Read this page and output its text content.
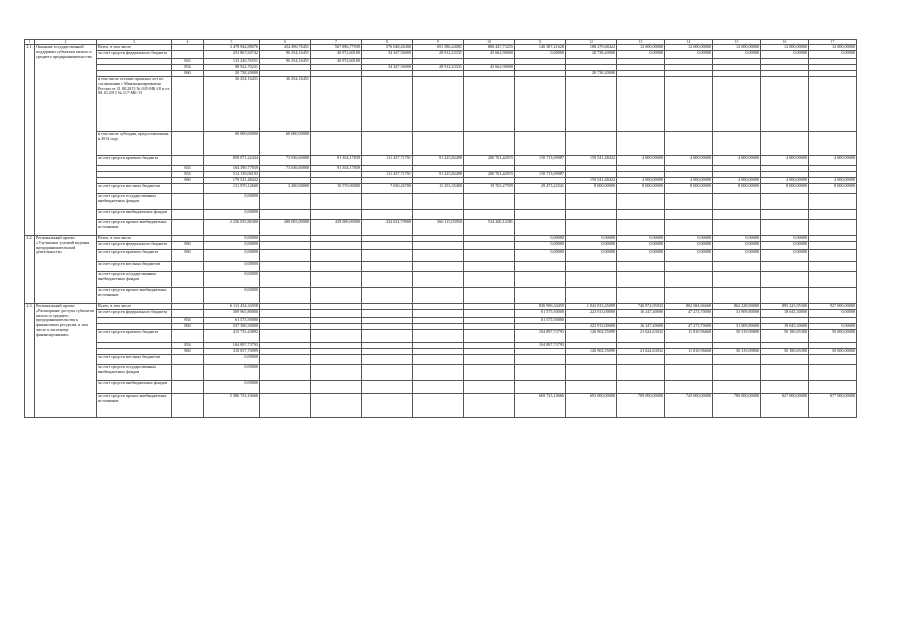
1	2	3	4	5	6	7	8	9	10	11	12	13	14	15	16	17
2.1.	Оказание государственной поддержки субъектам малого и среднего предпринимательства	Всего, в том числе		3 478 944,88076	454 496,76451	567 896,77939	576 048,26300	691 586,44081	800 447,73255	140 387,21628	188 279,68422	12 000,00000	12 000,00000	12 000,00000	12 000,00000	12 000,00000
		за счет средств федерального бюджета		253 867,60742	96 254,16451	36 972,60100	34 347,56900	28 912,23331	45 662,90000	0,00000	20 738,20000	0,00000	0,00000	0,00000	0,00000	0,00000
			843	133 226,76551	96 254,16451	36 972,60100										
			854	98 922,70231			34 347,56900	28 912,23331	45 662,90000							
			860	20 738,20000							20 738,20000					
		в том числе остатки прошлых лет по соглашению с Минэкономразвития России от 21.08.2013 № 045-МБ-18 и от 08.10.2015 № 117-МБ-15		36 254,16451	36 254,16451											
		в том числе субсидия, предоставленная в 2014 году		60 000,00000	60 000,00000											
		за счет средств краевого бюджета		858 071,22434	73 036,60000	91 354,17839	111 437,71791	91 225,82400	200 761,42915	110 713,09087	159 541,48422	4 000,00000	4 000,00000	4 000,00000	4 000,00000	4 000,00000
			843	164 390,77839	73 036,60000	91 354,17839										
			854	514 139,06193			111 437,71791	91 225,82400	200 761,42915	110 713,09087						
			860	179 541,48422							159 541,48422	4 000,00000	4 000,00000	4 000,00000	4 000,00000	4 000,00000
		за счет средств местных бюджетов		131 970,12600	3 200,00000	10 570,00000	7 630,26700	11 353,35400	19 763,27959	29 473,22541	8 000,00000	8 000,00000	8 000,00000	8 000,00000	8 000,00000	8 000,00000
		за счет средств государственных внебюджетных фондов		0,00000												
		за счет средств внебюджетных фондов		0,00000												
		за счет средств прочих внебюджетных источников		2 236 035,86300	280 005,00000	429 000,00000	432 632,70900	560 115,03950	534 260,12381							
2.2.	Региональный проект «Улучшение условий ведения предпринимательской деятельности»	Всего, в том числе		0,00000						0,00000	0,00000	0,00000	0,00000	0,00000	0,00000	
		за счет средств федерального бюджета	860	0,00000						0,00000	0,00000	0,00000	0,00000	0,00000	0,00000	
		за счет средств краевого бюджета	860	0,00000						0,00000	0,00000	0,00000	0,00000	0,00000	0,00000	
		за счет средств местных бюджетов		0,00000												
		за счет средств государственных внебюджетных фондов		0,00000												
		за счет средств прочих внебюджетных источников		0,00000												
2.3.	Региональный проект «Расширение доступа субъектов малого и среднего предпринимательства к финансовым ресурсам, в том числе к льготному финансированию»	Всего, в том числе		6 113 434,34558						836 996,34459	1 043 815,45099	746 872,05032	802 084,66668	862 228,80000	895 225,95300	927 000,00000
		за счет средств федерального бюджета		309 965,80000						61 575,50000	223 013,00000	16 247,40000	47 273,70000	31 909,80000	18 045,30000	0,00000
			854	61 575,50000						61 575,50000						
			860	337 390,30000							223 913,00000	16 247,40000	47 273,70000	31 909,80000	18 045,30000	0,00000
		за счет средств краевого бюджета		415 735,43892						104 897,73793	126 902,55099	21 624,63032	11 810,96668	50 319,09800	50 180,65300	50 000,00000
			854	104 897,73793						104 897,73793						
			860	310 837,70099							126 902,55099	21 624,63032	11 810,96668	50 319,09800	50 180,65300	50 000,00000
		за счет средств местных бюджетов		0,00000												
		за счет средств государственных внебюджетных фондов		0,00000												
		за счет средств внебюджетных фондов		0,00000												
		за счет средств прочих внебюджетных источников		5 386 733,10666						669 723,10666	693 000,00000	709 000,00000	743 000,00000	780 000,00000	827 000,00000	877 000,00000
